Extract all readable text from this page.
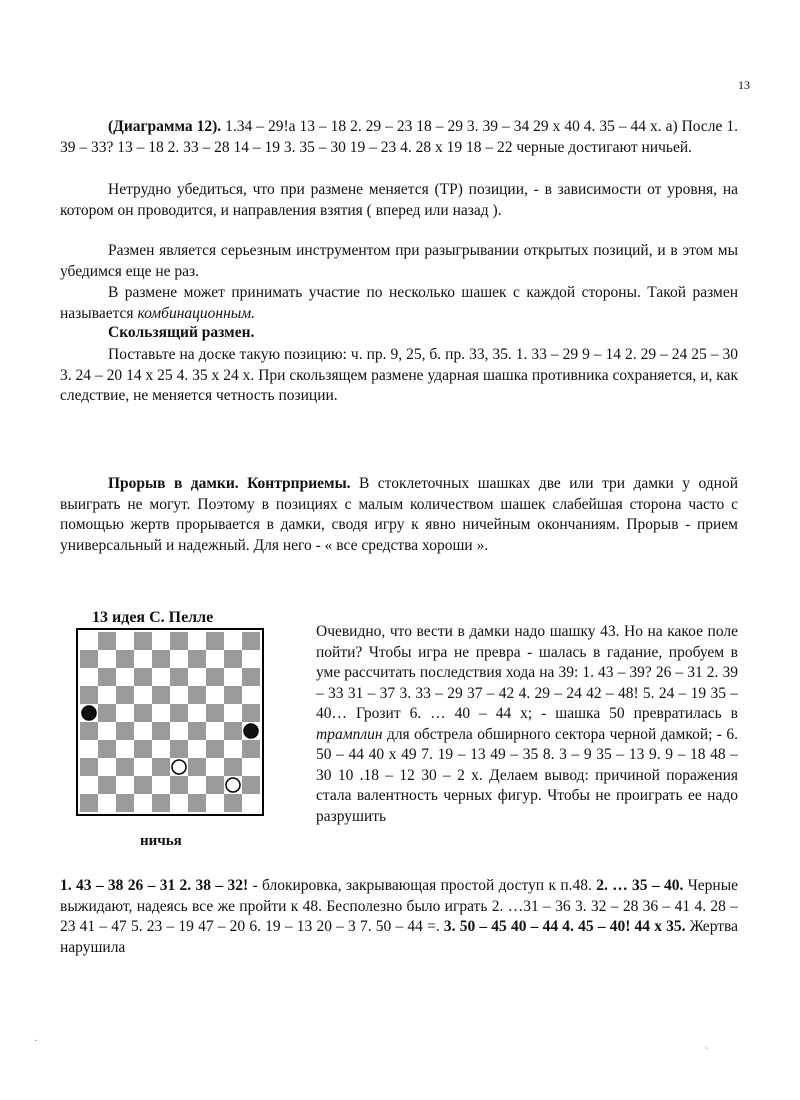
13

(Диаграмма 12). 1.34 – 29!а 13 – 18 2. 29 – 23 18 – 29 3. 39 – 34 29 х 40 4. 35 – 44 х. а) После 1. 39 – 33? 13 – 18 2. 33 – 28 14 – 19 3. 35 – 30 19 – 23 4. 28 х 19 18 – 22 черные достигают ничьей.

Нетрудно убедиться, что при размене меняется (ТР) позиции, - в зависимости от уровня, на котором он проводится, и направления взятия ( вперед или назад ).

Размен является серьезным инструментом при разыгрывании открытых позиций, и в этом мы убедимся еще не раз.

В размене может принимать участие по несколько шашек с каждой стороны. Такой размен называется комбинационным.

Скользящий размен.

Поставьте на доске такую позицию: ч. пр. 9, 25, б. пр. 33, 35. 1. 33 – 29 9 – 14 2. 29 – 24 25 – 30 3. 24 – 20 14 х 25 4. 35 х 24 х. При скользящем размене ударная шашка противника сохраняется, и, как следствие, не меняется четность позиции.

Прорыв в дамки. Контрприемы. В стоклеточных шашках две или три дамки у одной выиграть не могут. Поэтому в позициях с малым количеством шашек слабейшая сторона часто с помощью жертв прорывается в дамки, сводя игру к явно ничейным окончаниям. Прорыв - прием универсальный и надежный. Для него - « все средства хороши ».

13 идея С. Пелле
ничья

Очевидно, что вести в дамки надо шашку 43. Но на какое поле пойти? Чтобы игра не превра - шалась в гадание, пробуем в уме рассчитать последствия хода на 39: 1. 43 – 39? 26 – 31 2. 39 – 33 31 – 37 3. 33 – 29 37 – 42 4. 29 – 24 42 – 48! 5. 24 – 19 35 – 40… Грозит 6. … 40 – 44 х; - шашка 50 превратилась в трамплин для обстрела обширного сектора черной дамкой; - 6. 50 – 44 40 х 49 7. 19 – 13 49 – 35 8. 3 – 9 35 – 13 9. 9 – 18 48 – 30 10 .18 – 12 30 – 2 х. Делаем вывод: причиной поражения стала валентность черных фигур. Чтобы не проиграть ее надо разрушить

1. 43 – 38 26 – 31 2. 38 – 32! - блокировка, закрывающая простой доступ к п.48. 2. … 35 – 40. Черные выжидают, надеясь все же пройти к 48. Бесполезно было играть 2. …31 – 36 3. 32 – 28 36 – 41 4. 28 – 23 41 – 47 5. 23 – 19 47 – 20 6. 19 – 13 20 – 3 7. 50 – 44 =. 3. 50 – 45 40 – 44 4. 45 – 40! 44 х 35. Жертва нарушила

·
ˋ
